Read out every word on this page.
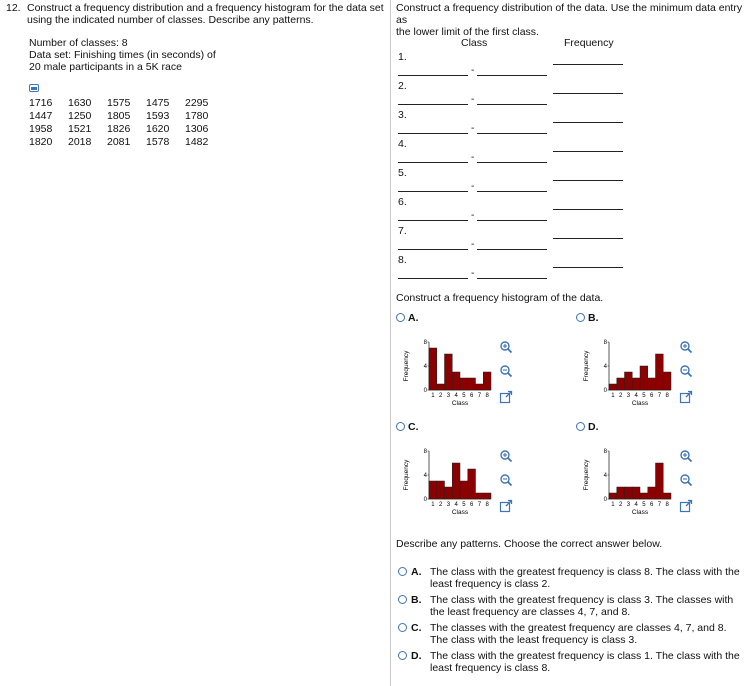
12. Construct a frequency distribution and a frequency histogram for the data set using the indicated number of classes. Describe any patterns.
Number of classes: 8
Data set: Finishing times (in seconds) of
20 male participants in a 5K race
1716	1630	1575	1475	2295
1447	1250	1805	1593	1780
1958	1521	1826	1620	1306
1820	2018	2081	1578	1482
Construct a frequency distribution of the data. Use the minimum data entry as
the lower limit of the first class.
Class	Frequency
1.
-
2.
-
3.
-
4.
-
5.
-
6.
-
7.
-
8.
-
Construct a frequency histogram of the data.
A.
Frequency
0
4
8
1 2 3 4 5 6 7 8
Class
B.
Frequency
0
4
8
1 2 3 4 5 6 7 8
Class
C.
Frequency
0
4
8
1 2 3 4 5 6 7 8
Class
D.
Frequency
0
4
8
1 2 3 4 5 6 7 8
Class
Describe any patterns. Choose the correct answer below.
A. The class with the greatest frequency is class 8. The class with the
least frequency is class 2.
B. The class with the greatest frequency is class 3. The classes with
the least frequency are classes 4, 7, and 8.
C. The classes with the greatest frequency are classes 4, 7, and 8.
The class with the least frequency is class 3.
D. The class with the greatest frequency is class 1. The class with the
least frequency is class 8.
